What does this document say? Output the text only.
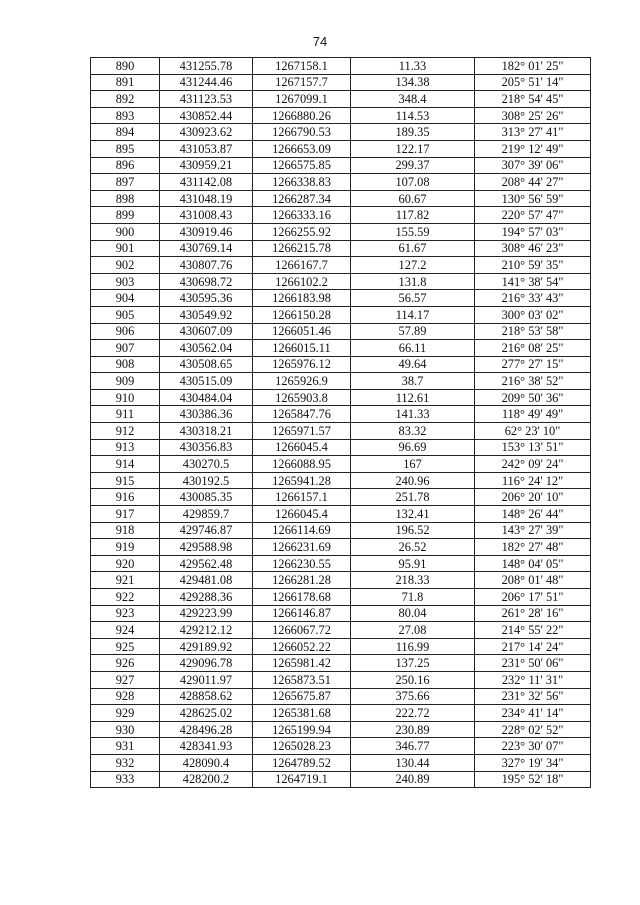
74
890	431255.78	1267158.1	11.33	182° 01' 25"
891	431244.46	1267157.7	134.38	205° 51' 14"
892	431123.53	1267099.1	348.4	218° 54' 45"
893	430852.44	1266880.26	114.53	308° 25' 26"
894	430923.62	1266790.53	189.35	313° 27' 41"
895	431053.87	1266653.09	122.17	219° 12' 49"
896	430959.21	1266575.85	299.37	307° 39' 06"
897	431142.08	1266338.83	107.08	208° 44' 27"
898	431048.19	1266287.34	60.67	130° 56' 59"
899	431008.43	1266333.16	117.82	220° 57' 47"
900	430919.46	1266255.92	155.59	194° 57' 03"
901	430769.14	1266215.78	61.67	308° 46' 23"
902	430807.76	1266167.7	127.2	210° 59' 35"
903	430698.72	1266102.2	131.8	141° 38' 54"
904	430595.36	1266183.98	56.57	216° 33' 43"
905	430549.92	1266150.28	114.17	300° 03' 02"
906	430607.09	1266051.46	57.89	218° 53' 58"
907	430562.04	1266015.11	66.11	216° 08' 25"
908	430508.65	1265976.12	49.64	277° 27' 15"
909	430515.09	1265926.9	38.7	216° 38' 52"
910	430484.04	1265903.8	112.61	209° 50' 36"
911	430386.36	1265847.76	141.33	118° 49' 49"
912	430318.21	1265971.57	83.32	62° 23' 10"
913	430356.83	1266045.4	96.69	153° 13' 51"
914	430270.5	1266088.95	167	242° 09' 24"
915	430192.5	1265941.28	240.96	116° 24' 12"
916	430085.35	1266157.1	251.78	206° 20' 10"
917	429859.7	1266045.4	132.41	148° 26' 44"
918	429746.87	1266114.69	196.52	143° 27' 39"
919	429588.98	1266231.69	26.52	182° 27' 48"
920	429562.48	1266230.55	95.91	148° 04' 05"
921	429481.08	1266281.28	218.33	208° 01' 48"
922	429288.36	1266178.68	71.8	206° 17' 51"
923	429223.99	1266146.87	80.04	261° 28' 16"
924	429212.12	1266067.72	27.08	214° 55' 22"
925	429189.92	1266052.22	116.99	217° 14' 24"
926	429096.78	1265981.42	137.25	231° 50' 06"
927	429011.97	1265873.51	250.16	232° 11' 31"
928	428858.62	1265675.87	375.66	231° 32' 56"
929	428625.02	1265381.68	222.72	234° 41' 14"
930	428496.28	1265199.94	230.89	228° 02' 52"
931	428341.93	1265028.23	346.77	223° 30' 07"
932	428090.4	1264789.52	130.44	327° 19' 34"
933	428200.2	1264719.1	240.89	195° 52' 18"
